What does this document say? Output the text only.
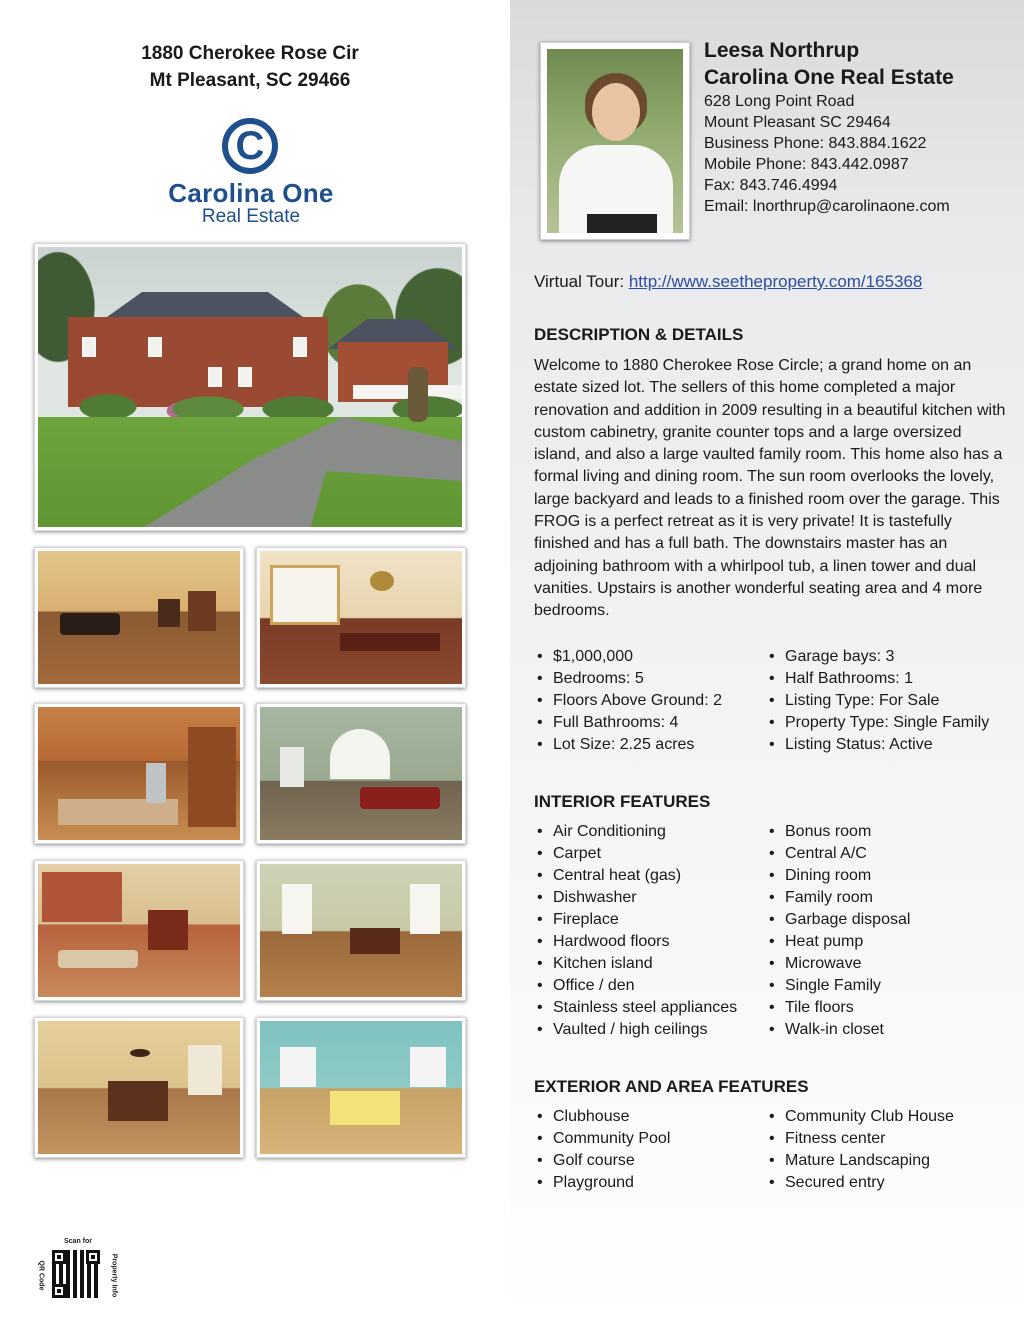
1880 Cherokee Rose Cir
Mt Pleasant, SC 29466
C
Carolina One
Real Estate
Scan for
QR Code	Property Info
Leesa Northrup
Carolina One Real Estate
628 Long Point Road
Mount Pleasant SC 29464
Business Phone: 843.884.1622
Mobile Phone: 843.442.0987
Fax: 843.746.4994
Email: lnorthrup@carolinaone.com
Virtual Tour: http://www.seetheproperty.com/165368
DESCRIPTION & DETAILS
Welcome to 1880 Cherokee Rose Circle; a grand home on an estate sized lot. The sellers of this home completed a major renovation and addition in 2009 resulting in a beautiful kitchen with custom cabinetry, granite counter tops and a large oversized island, and also a large vaulted family room. This home also has a formal living and dining room. The sun room overlooks the lovely, large backyard and leads to a finished room over the garage. This FROG is a perfect retreat as it is very private! It is tastefully finished and has a full bath. The downstairs master has an adjoining bathroom with a whirlpool tub, a linen tower and dual vanities. Upstairs is another wonderful seating area and 4 more bedrooms.
• $1,000,000
• Bedrooms: 5
• Floors Above Ground: 2
• Full Bathrooms: 4
• Lot Size: 2.25 acres
• Garage bays: 3
• Half Bathrooms: 1
• Listing Type: For Sale
• Property Type: Single Family
• Listing Status: Active
INTERIOR FEATURES
• Air Conditioning
• Carpet
• Central heat (gas)
• Dishwasher
• Fireplace
• Hardwood floors
• Kitchen island
• Office / den
• Stainless steel appliances
• Vaulted / high ceilings
• Bonus room
• Central A/C
• Dining room
• Family room
• Garbage disposal
• Heat pump
• Microwave
• Single Family
• Tile floors
• Walk-in closet
EXTERIOR AND AREA FEATURES
• Clubhouse
• Community Pool
• Golf course
• Playground
• Community Club House
• Fitness center
• Mature Landscaping
• Secured entry
